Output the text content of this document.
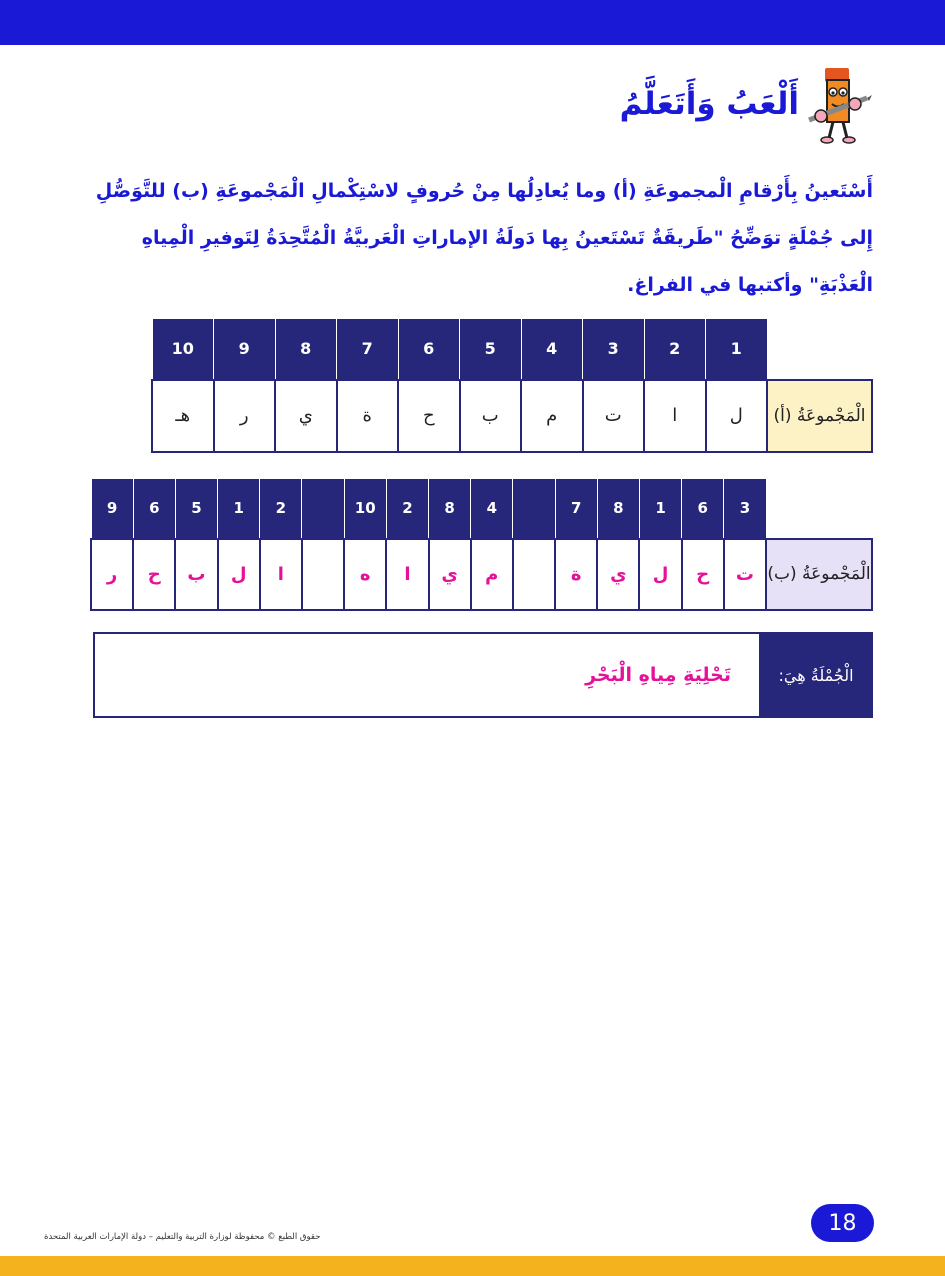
أَلْعَبُ وَأَتَعَلَّمُ
أَسْتَعينُ بِأَرْقامِ الْمجموعَةِ (أ) وما يُعادِلُها مِنْ حُروفٍ لاسْتِكْمالِ الْمَجْموعَةِ (ب) للتَّوَصُّلِ إِلى جُمْلَةٍ توَضِّحُ "طَريقَةٌ تَسْتَعينُ بِها دَولَةُ الإماراتِ الْعَربيَّةُ الْمُتَّحِدَةُ لِتَوفيرِ الْمِياهِ الْعَذْبَةِ" وأكتبها في الفراغ.
	1	2	3	4	5	6	7	8	9	10
الْمَجْموعَةُ (أ)	ل	ا	ت	م	ب	ح	ة	ي	ر	هـ
	3	6	1	8	7		4	8	2	10		2	1	5	6	9
الْمَجْموعَةُ (ب)	ت	ح	ل	ي	ة		م	ي	ا	ه		ا	ل	ب	ح	ر
الْجُمْلَةُ هِيَ:
تَحْلِيَةِ مِياهِ الْبَحْرِ
18
حقوق الطبع © محفوظة لوزارة التربية والتعليم – دولة الإمارات العربية المتحدة
